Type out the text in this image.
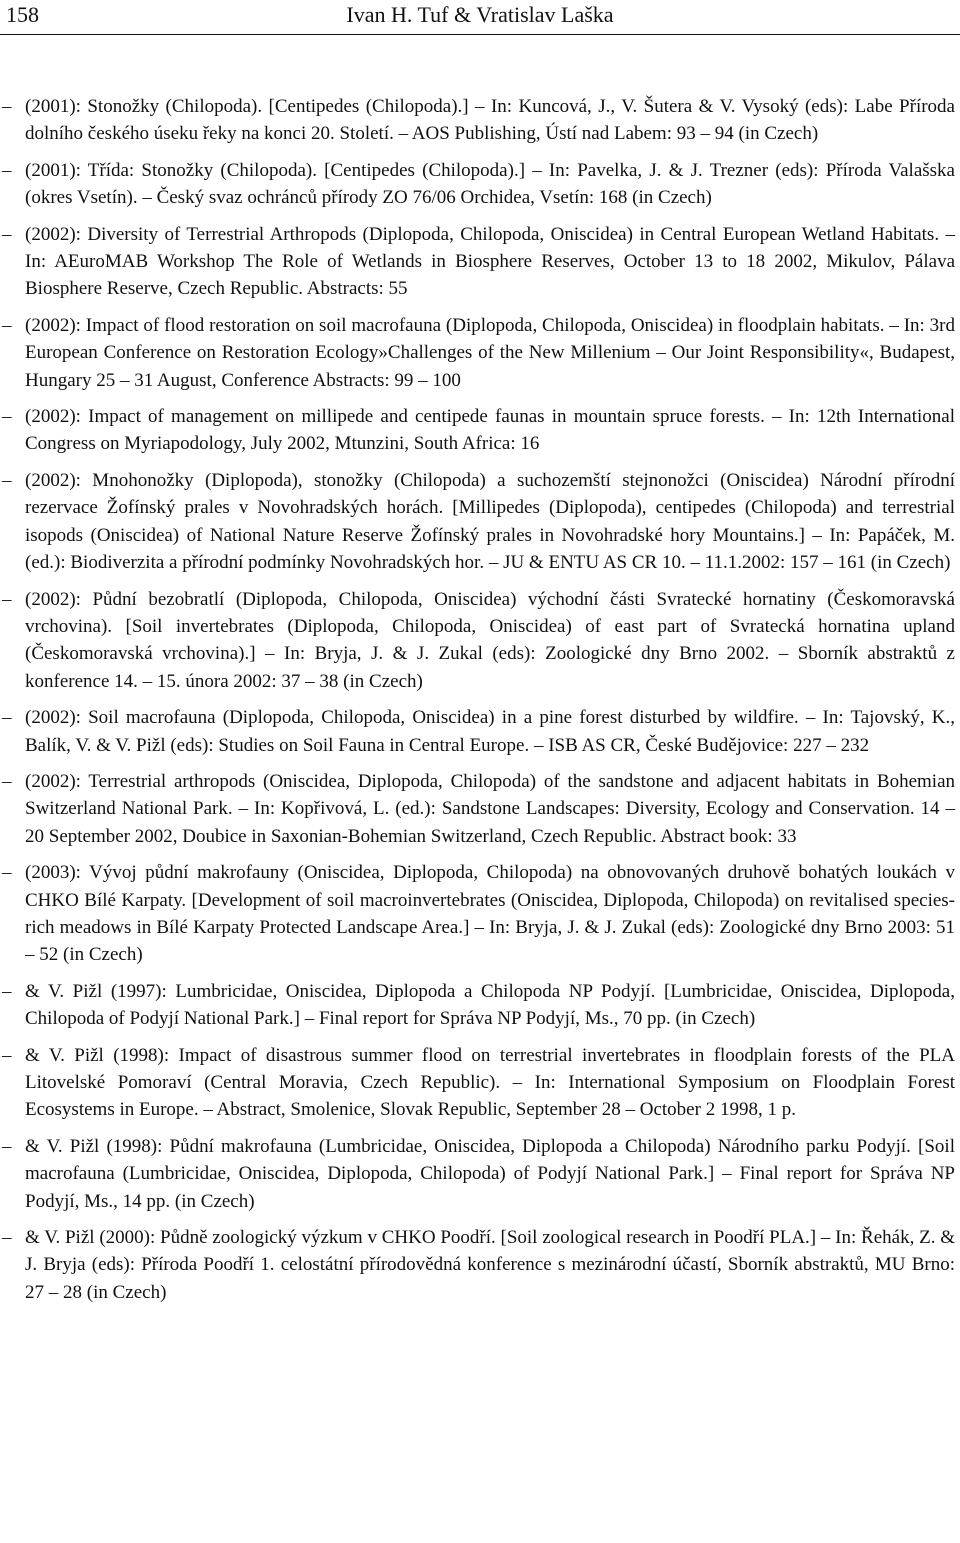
158	Ivan H. Tuf & Vratislav Laška
– (2001): Stonožky (Chilopoda). [Centipedes (Chilopoda).] – In: Kuncová, J., V. Šutera & V. Vysoký (eds): Labe Příroda dolního českého úseku řeky na konci 20. Století. – AOS Publishing, Ústí nad Labem: 93 – 94 (in Czech)
– (2001): Třída: Stonožky (Chilopoda). [Centipedes (Chilopoda).] – In: Pavelka, J. & J. Trezner (eds): Příroda Valašska (okres Vsetín). – Český svaz ochránců přírody ZO 76/06 Orchidea, Vsetín: 168 (in Czech)
– (2002): Diversity of Terrestrial Arthropods (Diplopoda, Chilopoda, Oniscidea) in Central European Wetland Habitats. – In: AEuroMAB Workshop The Role of Wetlands in Biosphere Reserves, October 13 to 18 2002, Mikulov, Pálava Biosphere Reserve, Czech Republic. Abstracts: 55
– (2002): Impact of flood restoration on soil macrofauna (Diplopoda, Chilopoda, Oniscidea) in floodplain habitats. – In: 3rd European Conference on Restoration Ecology»Challenges of the New Millenium – Our Joint Responsibility«, Budapest, Hungary 25 – 31 August, Conference Abstracts: 99 – 100
– (2002): Impact of management on millipede and centipede faunas in mountain spruce forests. – In: 12th International Congress on Myriapodology, July 2002, Mtunzini, South Africa: 16
– (2002): Mnohonožky (Diplopoda), stonožky (Chilopoda) a suchozemští stejnonožci (Oniscidea) Národní přírodní rezervace Žofínský prales v Novohradských horách. [Millipedes (Diplopoda), centipedes (Chilopoda) and terrestrial isopods (Oniscidea) of National Nature Reserve Žofínský prales in Novohradské hory Mountains.] – In: Papáček, M. (ed.): Biodiverzita a přírodní podmínky Novohradských hor. – JU & ENTU AS CR 10. – 11.1.2002: 157 – 161 (in Czech)
– (2002): Půdní bezobratlí (Diplopoda, Chilopoda, Oniscidea) východní části Svratecké hornatiny (Českomoravská vrchovina). [Soil invertebrates (Diplopoda, Chilopoda, Oniscidea) of east part of Svratecká hornatina upland (Českomoravská vrchovina).] – In: Bryja, J. & J. Zukal (eds): Zoologické dny Brno 2002. – Sborník abstraktů z konference 14. – 15. února 2002: 37 – 38 (in Czech)
– (2002): Soil macrofauna (Diplopoda, Chilopoda, Oniscidea) in a pine forest disturbed by wildfire. – In: Tajovský, K., Balík, V. & V. Pižl (eds): Studies on Soil Fauna in Central Europe. – ISB AS CR, České Budějovice: 227 – 232
– (2002): Terrestrial arthropods (Oniscidea, Diplopoda, Chilopoda) of the sandstone and adjacent habitats in Bohemian Switzerland National Park. – In: Kopřivová, L. (ed.): Sandstone Landscapes: Diversity, Ecology and Conservation. 14 – 20 September 2002, Doubice in Saxonian-Bohemian Switzerland, Czech Republic. Abstract book: 33
– (2003): Vývoj půdní makrofauny (Oniscidea, Diplopoda, Chilopoda) na obnovovaných druhově bohatých loukách v CHKO Bílé Karpaty. [Development of soil macroinvertebrates (Oniscidea, Diplopoda, Chilopoda) on revitalised species-rich meadows in Bílé Karpaty Protected Landscape Area.] – In: Bryja, J. & J. Zukal (eds): Zoologické dny Brno 2003: 51 – 52 (in Czech)
– & V. Pižl (1997): Lumbricidae, Oniscidea, Diplopoda a Chilopoda NP Podyjí. [Lumbricidae, Oniscidea, Diplopoda, Chilopoda of Podyjí National Park.] – Final report for Správa NP Podyjí, Ms., 70 pp. (in Czech)
– & V. Pižl (1998): Impact of disastrous summer flood on terrestrial invertebrates in floodplain forests of the PLA Litovelské Pomoraví (Central Moravia, Czech Republic). – In: International Symposium on Floodplain Forest Ecosystems in Europe. – Abstract, Smolenice, Slovak Republic, September 28 – October 2 1998, 1 p.
– & V. Pižl (1998): Půdní makrofauna (Lumbricidae, Oniscidea, Diplopoda a Chilopoda) Národního parku Podyjí. [Soil macrofauna (Lumbricidae, Oniscidea, Diplopoda, Chilopoda) of Podyjí National Park.] – Final report for Správa NP Podyjí, Ms., 14 pp. (in Czech)
– & V. Pižl (2000): Půdně zoologický výzkum v CHKO Poodří. [Soil zoological research in Poodří PLA.] – In: Řehák, Z. & J. Bryja (eds): Příroda Poodří 1. celostátní přírodovědná konference s mezinárodní účastí, Sborník abstraktů, MU Brno: 27 – 28 (in Czech)
